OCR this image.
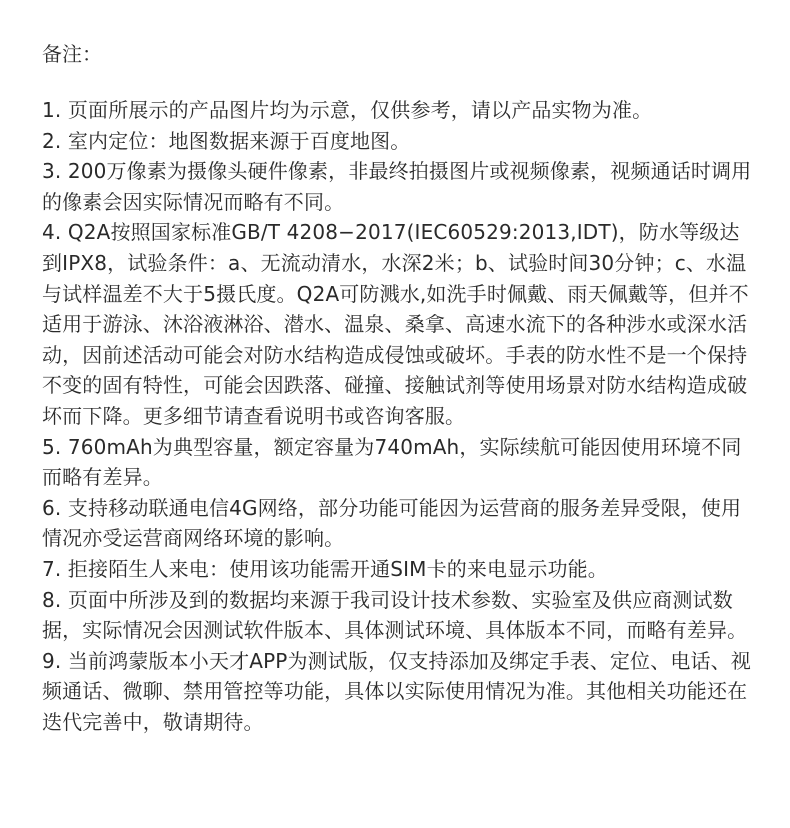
备注：

1. 页面所展示的产品图片均为示意，仅供参考，请以产品实物为准。

2. 室内定位：地图数据来源于百度地图。

3. 200万像素为摄像头硬件像素，非最终拍摄图片或视频像素，视频通话时调用的像素会因实际情况而略有不同。

4. Q2A按照国家标准GB/T 4208−2017(IEC60529:2013,IDT)，防水等级达到IPX8，试验条件：a、无流动清水，水深2米；b、试验时间30分钟；c、水温与试样温差不大于5摄氏度。Q2A可防溅水,如洗手时佩戴、雨天佩戴等，但并不适用于游泳、沐浴液淋浴、潜水、温泉、桑拿、高速水流下的各种涉水或深水活动，因前述活动可能会对防水结构造成侵蚀或破坏。手表的防水性不是一个保持不变的固有特性，可能会因跌落、碰撞、接触试剂等使用场景对防水结构造成破坏而下降。更多细节请查看说明书或咨询客服。

5. 760mAh为典型容量，额定容量为740mAh，实际续航可能因使用环境不同而略有差异。

6. 支持移动联通电信4G网络，部分功能可能因为运营商的服务差异受限，使用情况亦受运营商网络环境的影响。

7. 拒接陌生人来电：使用该功能需开通SIM卡的来电显示功能。

8. 页面中所涉及到的数据均来源于我司设计技术参数、实验室及供应商测试数据，实际情况会因测试软件版本、具体测试环境、具体版本不同，而略有差异。

9. 当前鸿蒙版本小天才APP为测试版，仅支持添加及绑定手表、定位、电话、视频通话、微聊、禁用管控等功能，具体以实际使用情况为准。其他相关功能还在迭代完善中，敬请期待。
